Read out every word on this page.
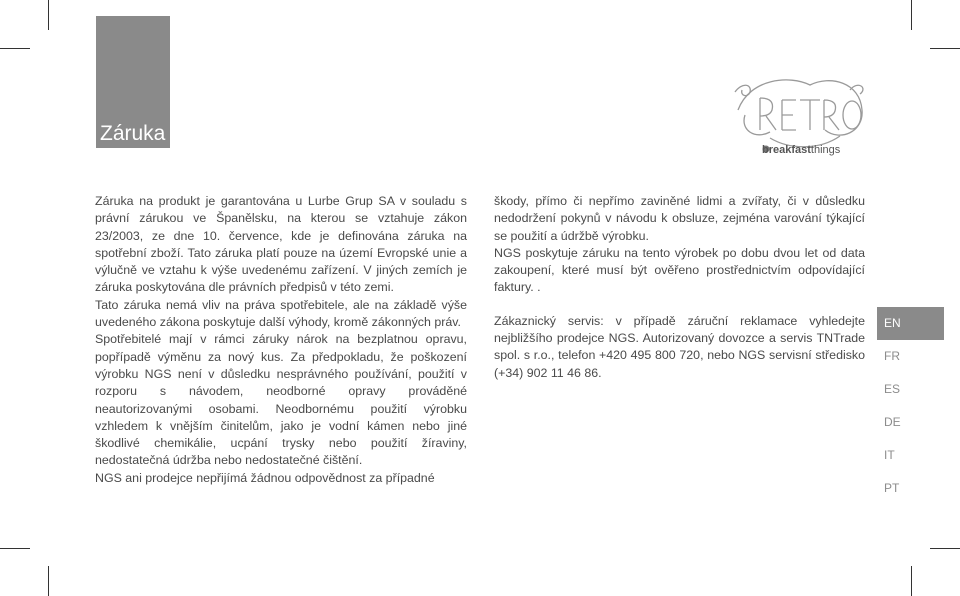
Záruka
breakfastthings

Záruka na produkt je garantována u Lurbe Grup SA v souladu s právní zárukou ve Španělsku, na kterou se vztahuje zákon 23/2003, ze dne 10. července, kde je definována záruka na spotřební zboží. Tato záruka platí pouze na území Evropské unie a výlučně ve vztahu k výše uvedenému zařízení. V jiných zemích je záruka poskytována dle právních předpisů v této zemi.

Tato záruka nemá vliv na práva spotřebitele, ale na základě výše uvedeného zákona poskytuje další výhody, kromě zákonných práv.

Spotřebitelé mají v rámci záruky nárok na bezplatnou opravu, popřípadě výměnu za nový kus. Za předpokladu, že poškození výrobku NGS není v důsledku nesprávného používání, použití v rozporu s návodem, neodborné opravy prováděné neautorizovanými osobami. Neodbornému použití výrobku vzhledem k vnějším činitelům, jako je vodní kámen nebo jiné škodlivé chemikálie, ucpání trysky nebo použití žíraviny, nedostatečná údržba nebo nedostatečné čištění.

NGS ani prodejce nepřijímá žádnou odpovědnost za případné

škody, přímo či nepřímo zaviněné lidmi a zvířaty, či v důsledku nedodržení pokynů v návodu k obsluze, zejména varování týkající se použití a údržbě výrobku.

NGS poskytuje záruku na tento výrobek po dobu dvou let od data zakoupení, které musí být ověřeno prostřednictvím odpovídající faktury. .

Zákaznický servis: v případě záruční reklamace vyhledejte nejbližšího prodejce NGS. Autorizovaný dovozce a servis TNTrade spol. s r.o., telefon +420 495 800 720, nebo NGS servisní středisko (+34) 902 11 46 86.

EN
FR
ES
DE
IT
PT
